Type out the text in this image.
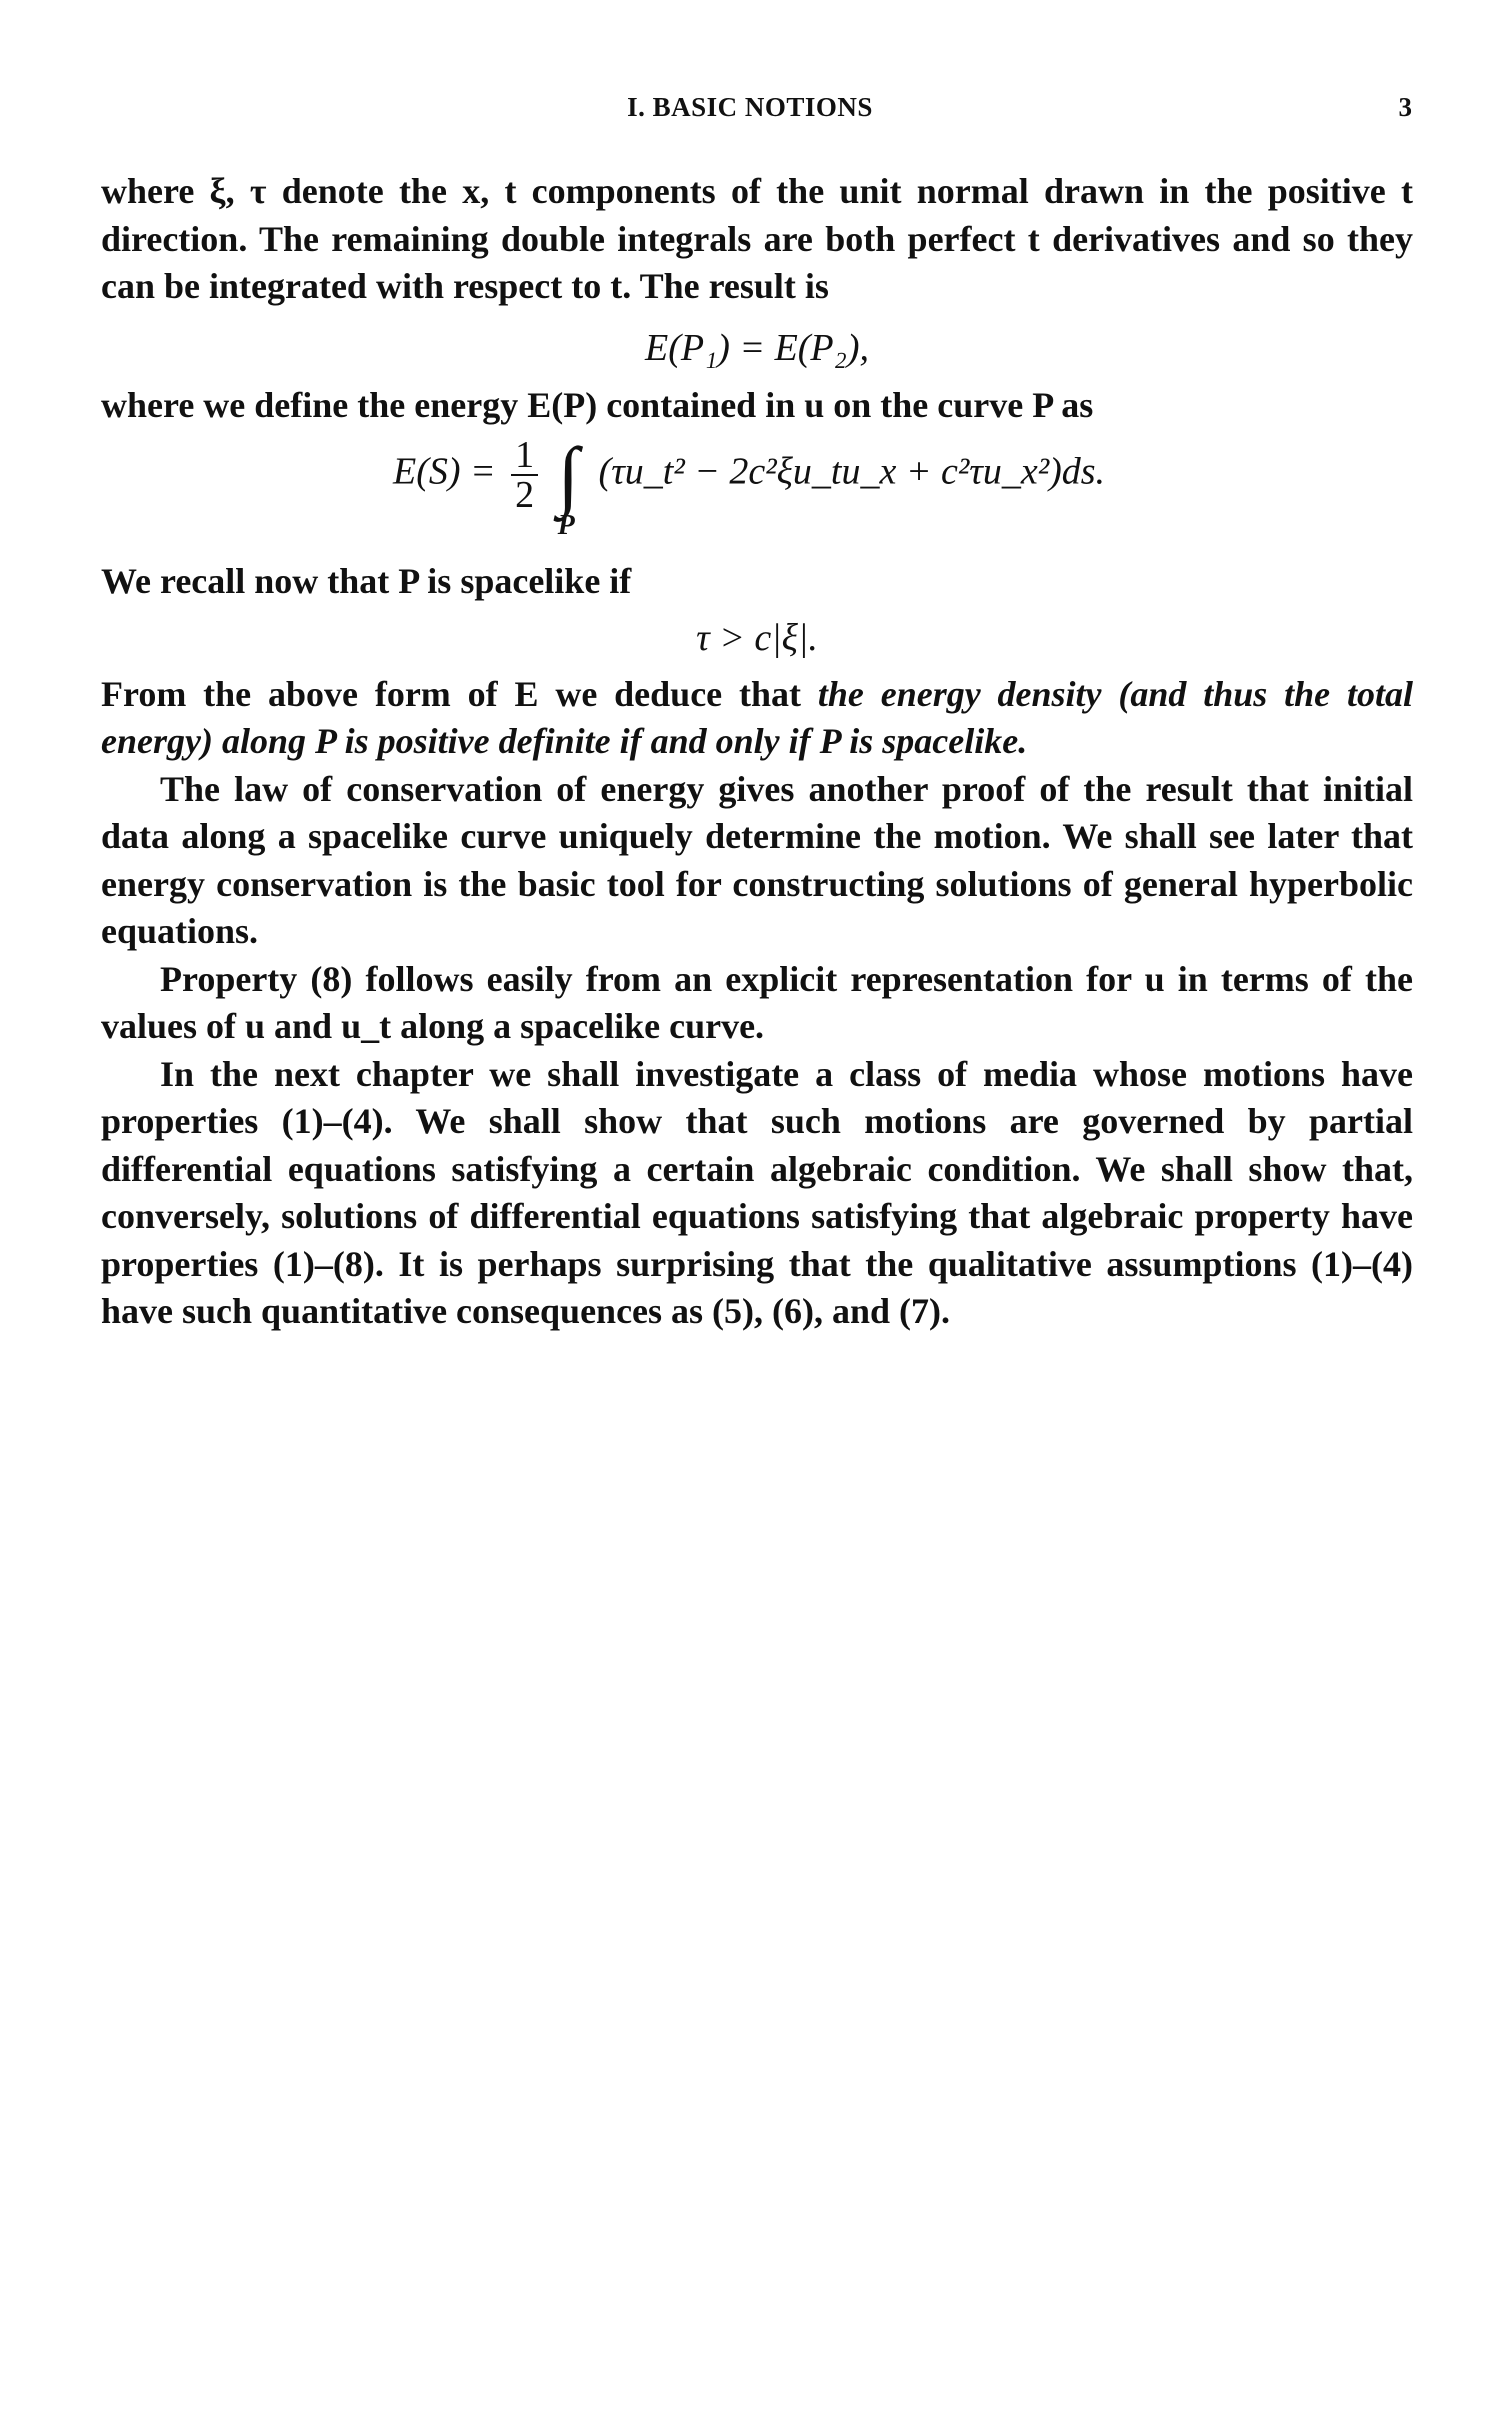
I. BASIC NOTIONS	3

where ξ, τ denote the x, t components of the unit normal drawn in the positive t direction. The remaining double integrals are both perfect t derivatives and so they can be integrated with respect to t. The result is

E(P₁) = E(P₂),

where we define the energy E(P) contained in u on the curve P as

$E(S) = \frac{1}{2}$ ∫
P
(τu_t² − 2c²ξu_tu_x + c²τu_x²)ds.

We recall now that P is spacelike if

τ > c|ξ|.

From the above form of E we deduce that the energy density (and thus the total energy) along P is positive definite if and only if P is spacelike.

The law of conservation of energy gives another proof of the result that initial data along a spacelike curve uniquely determine the motion. We shall see later that energy conservation is the basic tool for constructing solutions of general hyperbolic equations.

Property (8) follows easily from an explicit representation for u in terms of the values of u and u_t along a spacelike curve.

In the next chapter we shall investigate a class of media whose motions have properties (1)–(4). We shall show that such motions are governed by partial differential equations satisfying a certain algebraic condition. We shall show that, conversely, solutions of differential equations satisfying that algebraic property have properties (1)–(8). It is perhaps surprising that the qualitative assumptions (1)–(4) have such quantitative consequences as (5), (6), and (7).
